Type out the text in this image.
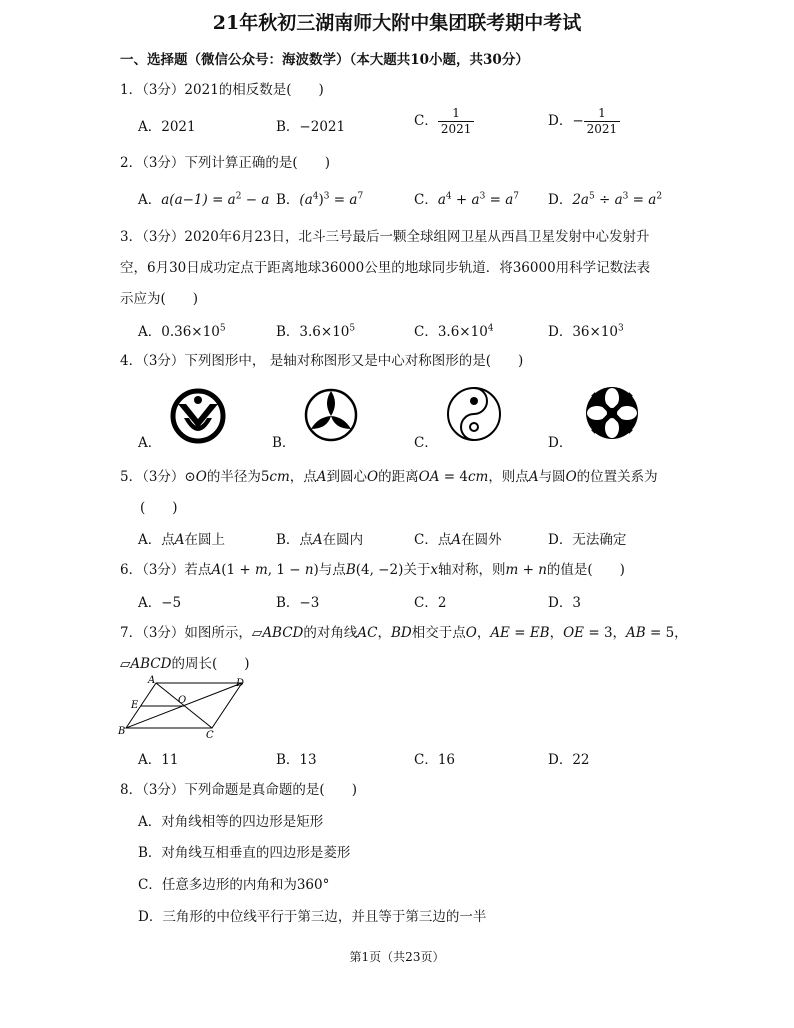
21年秋初三湖南师大附中集团联考期中考试
一、选择题（微信公众号：海波数学）（本大题共10小题，共30分）
1．（3分）2021的相反数是(　　)
A．2021	B．−2021	C． $\frac{1}{2021}$	D．− $\frac{1}{2021}$
2．（3分）下列计算正确的是(　　)
A．$a(a-1) = a^2 - a$ B．$(a^4)^3 = a^7$	C．$a^4 + a^3 = a^7$ D．$2a^5 \div a^3 = a^2$
3．（3分）2020年6月23日，北斗三号最后一颗全球组网卫星从西昌卫星发射中心发射升
空，6月30日成功定点于距离地球36000公里的地球同步轨道．将36000用科学记数法表
示应为(　　)
A．$0.36\times 10^5$	B．$3.6\times 10^5$	C．$3.6\times 10^4$	D．$36\times 10^3$
4．（3分）下列图形中， 是轴对称图形又是中心对称图形的是(　　)
A．	B．	C．	D．
5．（3分）⊙O的半径为5cm，点A到圆心O的距离OA = 4cm，则点A与圆O的位置关系为
(　　)
A．点A在圆上	B．点A在圆内	C．点A在圆外	D．无法确定
6．（3分）若点A(1 + m, 1 − n)与点B(4, −2)关于x轴对称，则m + n的值是(　　)
A．−5	B．−3	C．2	D．3
7．（3分）如图所示，▱ABCD的对角线AC，BD相交于点O，AE = EB，OE = 3，AB = 5，
▱ABCD的周长(　　)
A
B	C
D
E	O
A．11	B．13	C．16	D．22
8．（3分）下列命题是真命题的是(　　)
A．对角线相等的四边形是矩形
B．对角线互相垂直的四边形是菱形
C．任意多边形的内角和为360°
D．三角形的中位线平行于第三边，并且等于第三边的一半
第1页（共23页）
